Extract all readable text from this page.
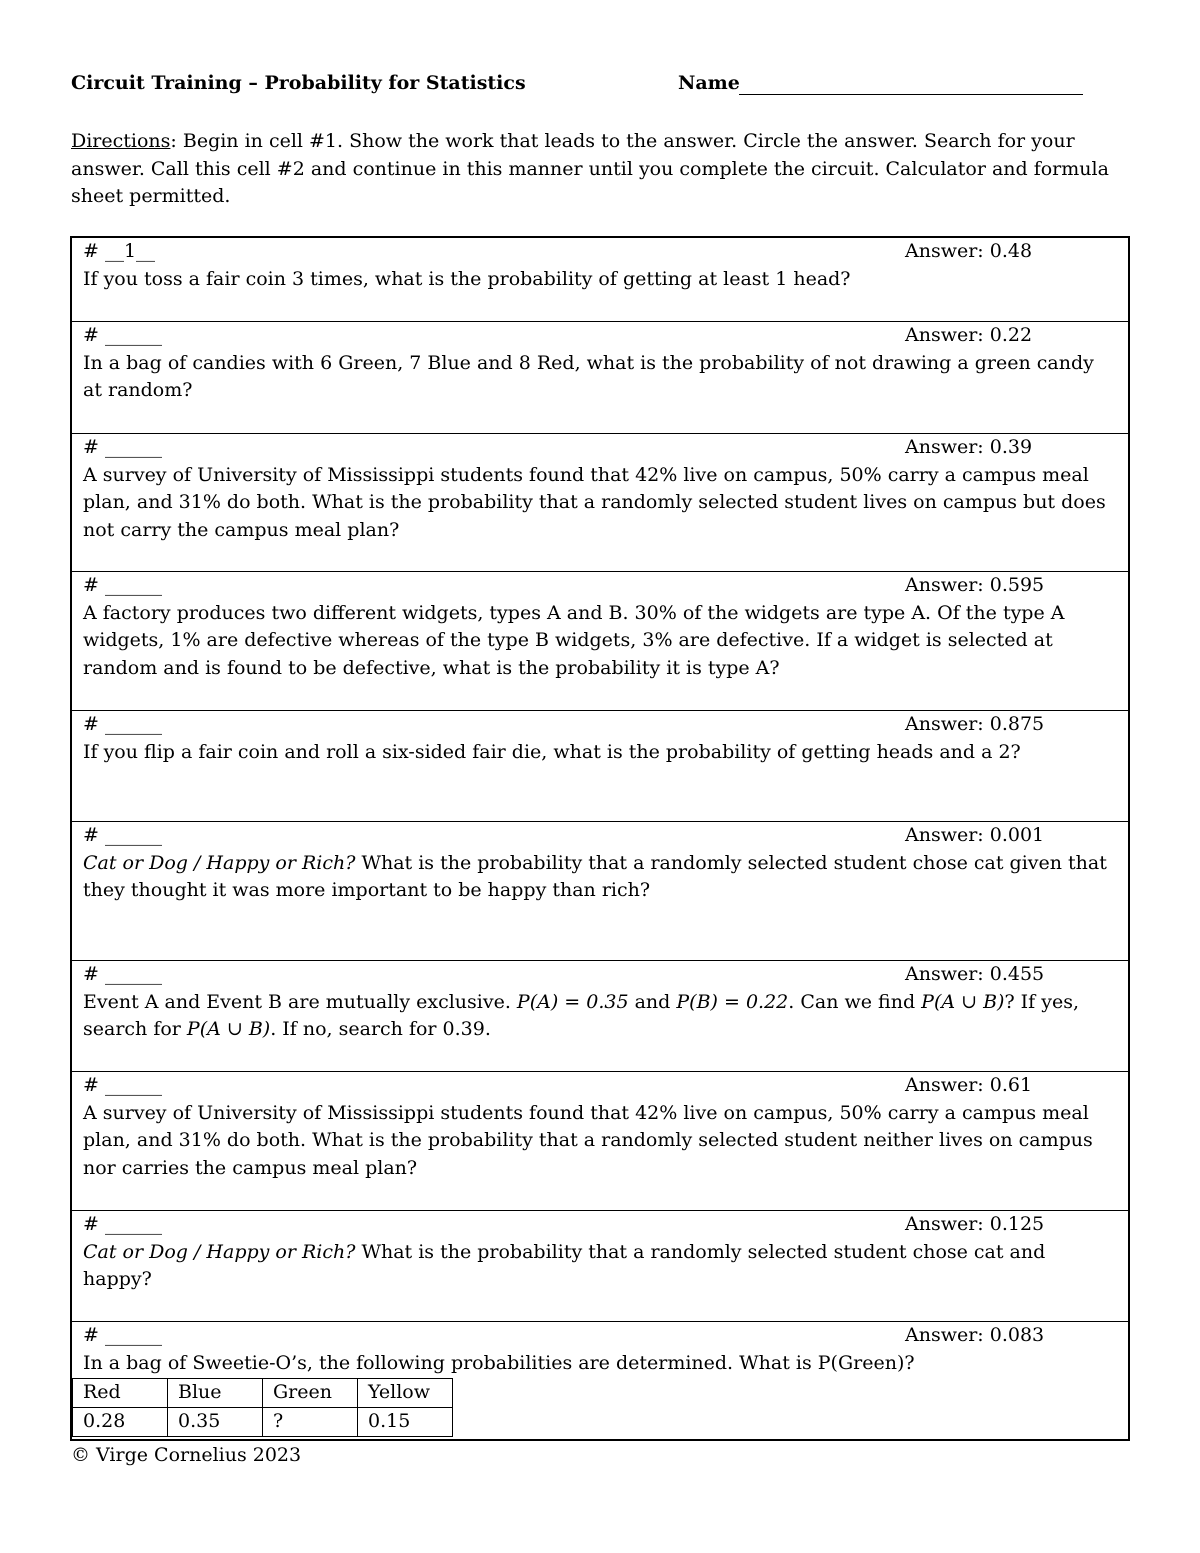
Circuit Training – Probability for Statistics	Name
Directions: Begin in cell #1. Show the work that leads to the answer. Circle the answer. Search for your answer. Call this cell #2 and continue in this manner until you complete the circuit. Calculator and formula sheet permitted.
# __1__	Answer: 0.48

If you toss a fair coin 3 times, what is the probability of getting at least 1 head?

# ______	Answer: 0.22

In a bag of candies with 6 Green, 7 Blue and 8 Red, what is the probability of not drawing a green candy at random?

# ______	Answer: 0.39

A survey of University of Mississippi students found that 42% live on campus, 50% carry a campus meal plan, and 31% do both. What is the probability that a randomly selected student lives on campus but does not carry the campus meal plan?

# ______	Answer: 0.595

A factory produces two different widgets, types A and B. 30% of the widgets are type A. Of the type A widgets, 1% are defective whereas of the type B widgets, 3% are defective. If a widget is selected at random and is found to be defective, what is the probability it is type A?

# ______	Answer: 0.875

If you flip a fair coin and roll a six-sided fair die, what is the probability of getting heads and a 2?

# ______	Answer: 0.001

Cat or Dog / Happy or Rich? What is the probability that a randomly selected student chose cat given that they thought it was more important to be happy than rich?

# ______	Answer: 0.455

Event A and Event B are mutually exclusive. P(A) = 0.35 and P(B) = 0.22. Can we find P(A ∪ B)? If yes, search for P(A ∪ B). If no, search for 0.39.

# ______	Answer: 0.61

A survey of University of Mississippi students found that 42% live on campus, 50% carry a campus meal plan, and 31% do both. What is the probability that a randomly selected student neither lives on campus nor carries the campus meal plan?

# ______	Answer: 0.125

Cat or Dog / Happy or Rich? What is the probability that a randomly selected student chose cat and happy?

# ______	Answer: 0.083

In a bag of Sweetie-O’s, the following probabilities are determined. What is P(Green)?

Red	Blue	Green	Yellow
0.28	0.35	?	0.15
© Virge Cornelius 2023
